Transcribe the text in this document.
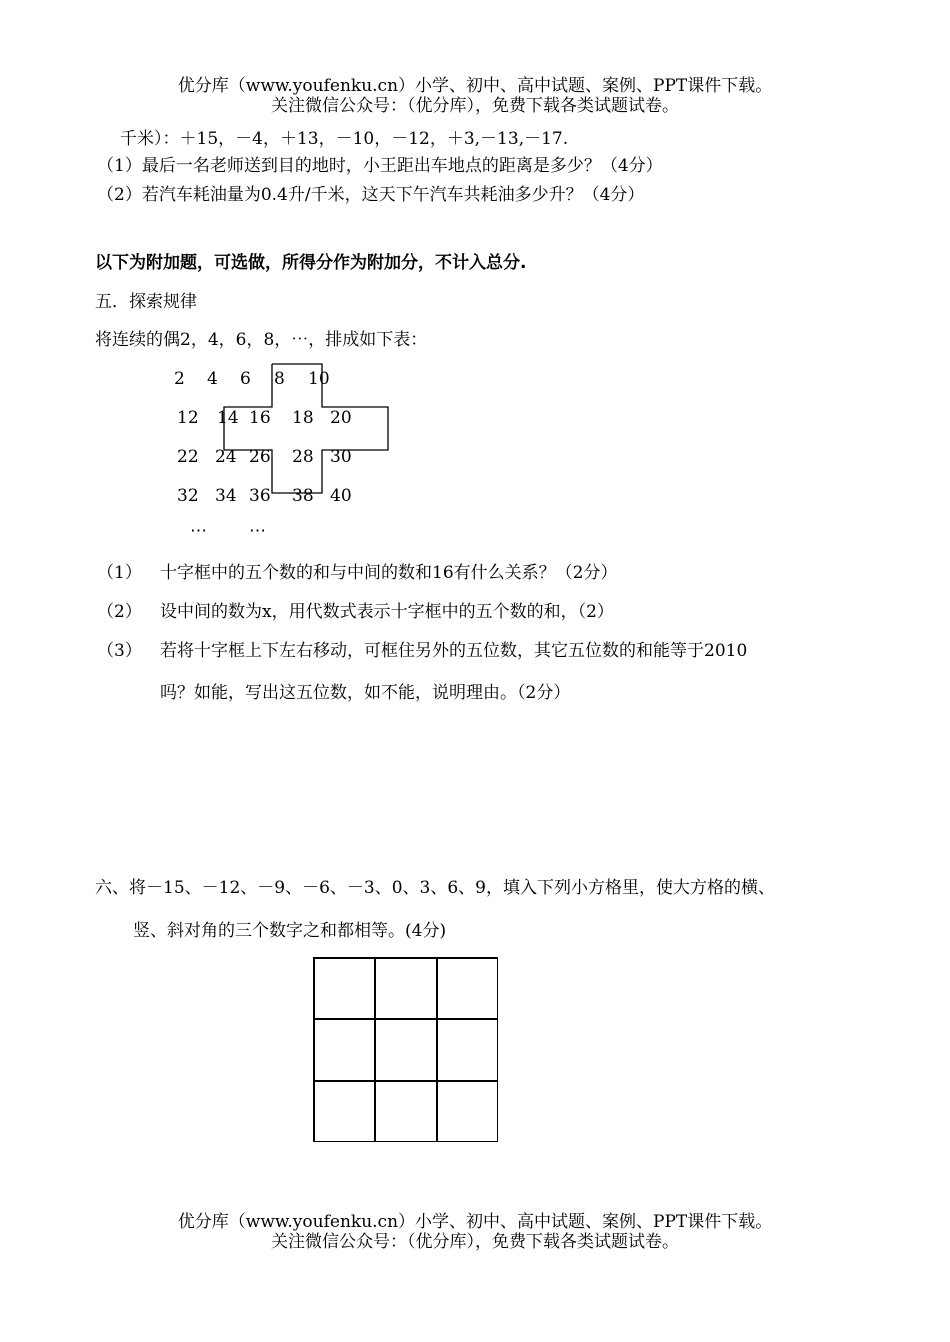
优分库（www.youfenku.cn）小学、初中、高中试题、案例、PPT课件下载。
关注微信公众号：（优分库），免费下载各类试题试卷。
千米）：＋15，－4，＋13，－10，－12，＋3,－13,－17.
（1）最后一名老师送到目的地时，小王距出车地点的距离是多少？（4分）
（2）若汽车耗油量为0.4升/千米，这天下午汽车共耗油多少升？（4分）
以下为附加题，可选做，所得分作为附加分，不计入总分.
五．探索规律
将连续的偶2，4，6，8，⋯，排成如下表：
2 4 6 8 10
12 14 16 18 20
22 24 26 28 30
32 34 36 38 40
⋯ ⋯
（1） 十字框中的五个数的和与中间的数和16有什么关系？（2分）
（2） 设中间的数为x，用代数式表示十字框中的五个数的和，（2）
（3） 若将十字框上下左右移动，可框住另外的五位数，其它五位数的和能等于2010
吗？如能，写出这五位数，如不能，说明理由。（2分）
六、将－15、－12、－9、－6、－3、0、3、6、9，填入下列小方格里，使大方格的横、
竖、斜对角的三个数字之和都相等。(4分)
优分库（www.youfenku.cn）小学、初中、高中试题、案例、PPT课件下载。
关注微信公众号：（优分库），免费下载各类试题试卷。
